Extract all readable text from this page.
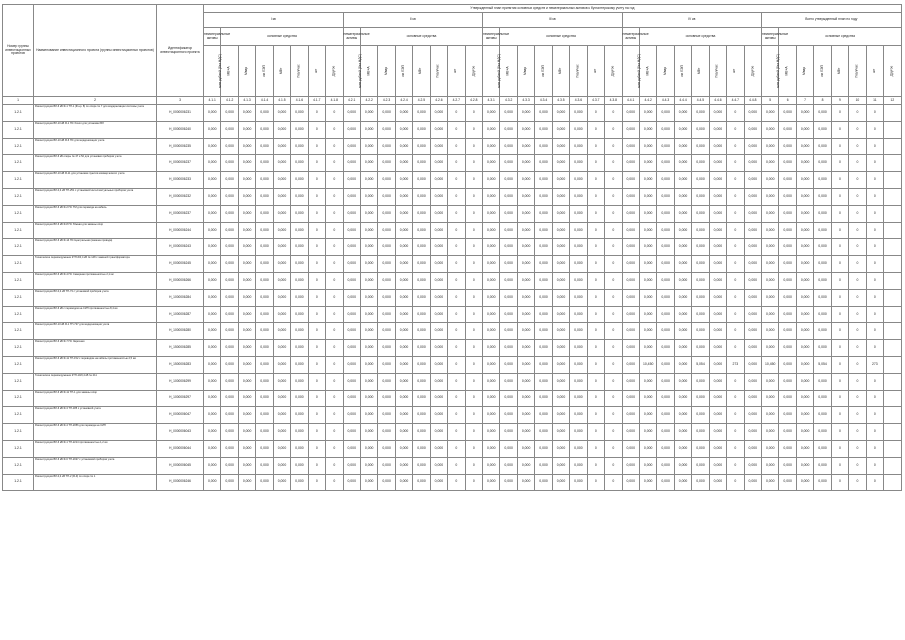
Номер группы инвестиционных проектов	Наименование инвестиционного проекта (группы инвестиционных проектов)	Идентификатор инвестиционного проекта	Утвержденный план принятия основных средств и нематериальных активов к бухгалтерскому учету на год																																							
			I кв								II кв								III кв								IV кв								Всего утвержденный план по году							
			нематериальные активы	основные средства							нематериальные активы	основные средства							нематериальные активы	основные средства							нематериальные активы	основные средства							нематериальные активы	основные средства						
			млн рублей (без НДС)	МВ×А	Мвар	км ЛЭП	МВт	Гкал/час	шт	Другое	млн рублей (без НДС)	МВ×А	Мвар	км ЛЭП	МВт	Гкал/час	шт	Другое	млн рублей (без НДС)	МВ×А	Мвар	км ЛЭП	МВт	Гкал/час	шт	Другое	млн рублей (без НДС)	МВ×А	Мвар	км ЛЭП	МВт	Гкал/час	шт	Другое	млн рублей (без НДС)	МВ×А	Мвар	км ЛЭП	МВт	Гкал/час	шт	Другое
1	2	3	4.1.1	4.1.2	4.1.3	4.1.4	4.1.5	4.1.6	4.1.7	4.1.8	4.2.1	4.2.2	4.2.3	4.2.4	4.2.5	4.2.6	4.2.7	4.2.8	4.3.1	4.3.2	4.3.3	4.3.4	4.3.5	4.3.6	4.3.7	4.3.8	4.4.1	4.4.2	4.4.3	4.4.4	4.4.5	4.4.6	4.4.7	4.4.8	5	6	7	8	9	10	11	12
1.2.1	Реконструкция ВЛ-6 кВ Ф-1 ТП-1 (Ф.нр. 8) по опоре № 7 для модернизации системы учета	Н_0000006231	0,000	0,000	0,000	0,000	0,000	0,000	0	0	0,000	0,000	0,000	0,000	0,000	0,000	0	0	0,000	0,000	0,000	0,000	0,000	0,000	0	0	0,000	0,000	0,000	0,000	0,000	0,000	0	0,000	0,000	0,000	0,000	0,000	0	0	0	
1.2.1	Реконструкция ВЛ-10 кВ Ф-1 ПС Хохол для установки ВЛ	Н_0000006240	0,000	0,000	0,000	0,000	0,000	0,000	0	0	0,000	0,000	0,000	0,000	0,000	0,000	0	0	0,000	0,000	0,000	0,000	0,000	0,000	0	0	0,000	0,000	0,000	0,000	0,000	0,000	0	0,000	0,000	0,000	0,000	0,000	0	0	0	
1.2.1	Реконструкция ВЛ-10 кВ Ф-6 ПС для модернизации учета	Н_0000006235	0,000	0,000	0,000	0,000	0,000	0,000	0	0	0,000	0,000	0,000	0,000	0,000	0,000	0	0	0,000	0,000	0,000	0,000	0,000	0,000	0	0	0,000	0,000	0,000	0,000	0,000	0,000	0	0,000	0,000	0,000	0,000	0,000	0	0	0	
1.2.1	Реконструкция ВЛ-6 кВ опоры № 47 и 52 для установки приборов учета	Н_0000006237	0,000	0,000	0,000	0,000	0,000	0,000	0	0	0,000	0,000	0,000	0,000	0,000	0,000	0	0	0,000	0,000	0,000	0,000	0,000	0,000	0	0	0,000	0,000	0,000	0,000	0,000	0,000	0	0,000	0,000	0,000	0,000	0,000	0	0	0	
1.2.1	Реконструкция ВЛ-10 кВ Ф-11 для установки пунктов коммерческого учета	Н_0000006233	0,000	0,000	0,000	0,000	0,000	0,000	0	0	0,000	0,000	0,000	0,000	0,000	0,000	0	0	0,000	0,000	0,000	0,000	0,000	0,000	0	0	0,000	0,000	0,000	0,000	0,000	0,000	0	0,000	0,000	0,000	0,000	0,000	0	0	0	
1.2.1	Реконструкция ВЛ-0,4 кВ ТП-251 с установкой интеллектуальных приборов учета	Н_0000006232	0,000	0,000	0,000	0,000	0,000	0,000	0	0	0,000	0,000	0,000	0,000	0,000	0,000	0	0	0,000	0,000	0,000	0,000	0,000	0,000	0	0	0,000	0,000	0,000	0,000	0,000	0,000	0	0,000	0,000	0,000	0,000	0,000	0	0	0	
1.2.1	Реконструкция ВЛ-6 кВ Ф-2 ПС ТМ для перевода на кабель	Н_0000006237	0,000	0,000	0,000	0,000	0,000	0,000	0	0	0,000	0,000	0,000	0,000	0,000	0,000	0	0	0,000	0,000	0,000	0,000	0,000	0,000	0	0	0,000	0,000	0,000	0,000	0,000	0,000	0	0,000	0,000	0,000	0,000	0,000	0	0	0	
1.2.1	Реконструкция ВЛ-6 кВ Ф-8 ПС Южная для замены опор	Н_0000006244	0,000	0,000	0,000	0,000	0,000	0,000	0	0	0,000	0,000	0,000	0,000	0,000	0,000	0	0	0,000	0,000	0,000	0,000	0,000	0,000	0	0	0,000	0,000	0,000	0,000	0,000	0,000	0	0,000	0,000	0,000	0,000	0,000	0	0	0	
1.2.1	Реконструкция ВЛ-6 кВ Ф-14 ПС Центральная (замена провода)	Н_0000006243	0,000	0,000	0,000	0,000	0,000	0,000	0	0	0,000	0,000	0,000	0,000	0,000	0,000	0	0	0,000	0,000	0,000	0,000	0,000	0,000	0	0	0,000	0,000	0,000	0,000	0,000	0,000	0	0,000	0,000	0,000	0,000	0,000	0	0	0	
1.2.1	Техническое перевооружение КТП-6/0,4 кВ № 148 с заменой трансформатора	Н_0000006245	0,000	0,000	0,000	0,000	0,000	0,000	0	0	0,000	0,000	0,000	0,000	0,000	0,000	0	0	0,000	0,000	0,000	0,000	0,000	0,000	0	0	0,000	0,000	0,000	0,000	0,000	0,000	0	0,000	0,000	0,000	0,000	0,000	0	0	0	
1.2.1	Реконструкция ВЛ-6 кВ Ф-4 ПС Северная протяженностью 2,1 км	Н_0000006266	0,000	0,000	0,000	0,000	0,000	0,000	0	0	0,000	0,000	0,000	0,000	0,000	0,000	0	0	0,000	0,000	0,000	0,000	0,000	0,000	0	0	0,000	0,000	0,000	0,000	0,000	0,000	0	0,000	0,000	0,000	0,000	0,000	0	0	0	
1.2.1	Реконструкция ВЛ-0,4 кВ ТП-73 с установкой приборов учета	Н_1000006284	0,000	0,000	0,000	0,000	0,000	0,000	0	0	0,000	0,000	0,000	0,000	0,000	0,000	0	0	0,000	0,000	0,000	0,000	0,000	0,000	0	0	0,000	0,000	0,000	0,000	0,000	0,000	0	0,000	0,000	0,000	0,000	0,000	0	0	0	
1.2.1	Реконструкция ВЛ-6 кВ с переводом на СИП протяженностью 8,4 км	Н_1000006287	0,000	0,000	0,000	0,000	0,000	0,000	0	0	0,000	0,000	0,000	0,000	0,000	0,000	0	0	0,000	0,000	0,000	0,000	0,000	0,000	0	0	0,000	0,000	0,000	0,000	0,000	0,000	0	0,000	0,000	0,000	0,000	0,000	0	0	0	
1.2.1	Реконструкция ВЛ-10 кВ Ф-1 ТП-727 для модернизации учета	Н_1000006280	0,000	0,000	0,000	0,000	0,000	0,000	0	0	0,000	0,000	0,000	0,000	0,000	0,000	0	0	0,000	0,000	0,000	0,000	0,000	0,000	0	0	0,000	0,000	0,000	0,000	0,000	0,000	0	0,000	0,000	0,000	0,000	0,000	0	0	0	
1.2.1	Реконструкция ВЛ-6 кВ Ф-7 ПС Заречная	Н_1500006285	0,000	0,000	0,000	0,000	0,000	0,000	0	0	0,000	0,000	0,000	0,000	0,000	0,000	0	0	0,000	0,000	0,000	0,000	0,000	0,000	0	0	0,000	0,000	0,000	0,000	0,000	0,000	0	0,000	0,000	0,000	0,000	0,000	0	0	0	
1.2.1	Реконструкция ВЛ-6 кВ Ф-11 ТП-152 с переводом на кабель протяженностью 2,5 км	Н_1500006283	0,000	0,000	0,000	0,000	0,000	0,000	0	0	0,000	0,000	0,000	0,000	0,000	0,000	0	0	0,000	0,000	0,000	0,000	0,000	0,000	0	0	0,000	10,450	0,000	0,000	5,054	0,000	273	0,000	10,450	0,000	0,000	5,054	0	0	273	
1.2.1	Техническое перевооружение КТП-10/0,4 кВ № 211	Н_1000006299	0,000	0,000	0,000	0,000	0,000	0,000	0	0	0,000	0,000	0,000	0,000	0,000	0,000	0	0	0,000	0,000	0,000	0,000	0,000	0,000	0	0	0,000	0,000	0,000	0,000	0,000	0,000	0	0,000	0,000	0,000	0,000	0,000	0	0	0	
1.2.1	Реконструкция ВЛ-6 кВ Ф-11 ТП-1 для замены опор	Н_1000006297	0,000	0,000	0,000	0,000	0,000	0,000	0	0	0,000	0,000	0,000	0,000	0,000	0,000	0	0	0,000	0,000	0,000	0,000	0,000	0,000	0	0	0,000	0,000	0,000	0,000	0,000	0,000	0	0,000	0,000	0,000	0,000	0,000	0	0	0	
1.2.1	Реконструкция ВЛ-6 кВ Ф-3 ТП-185 с установкой учета	Н_0000006047	0,000	0,000	0,000	0,000	0,000	0,000	0	0	0,000	0,000	0,000	0,000	0,000	0,000	0	0	0,000	0,000	0,000	0,000	0,000	0,000	0	0	0,000	0,000	0,000	0,000	0,000	0,000	0	0,000	0,000	0,000	0,000	0,000	0	0	0	
1.2.1	Реконструкция ВЛ-6 кВ Ф-4 ТП-2056 для перевода на СИП	Н_0000006043	0,000	0,000	0,000	0,000	0,000	0,000	0	0	0,000	0,000	0,000	0,000	0,000	0,000	0	0	0,000	0,000	0,000	0,000	0,000	0,000	0	0	0,000	0,000	0,000	0,000	0,000	0,000	0	0,000	0,000	0,000	0,000	0,000	0	0	0	
1.2.1	Реконструкция ВЛ-6 кВ Ф-1 ТП-2214 протяженностью 1,2 км	Н_0000006044	0,000	0,000	0,000	0,000	0,000	0,000	0	0	0,000	0,000	0,000	0,000	0,000	0,000	0	0	0,000	0,000	0,000	0,000	0,000	0,000	0	0	0,000	0,000	0,000	0,000	0,000	0,000	0	0,000	0,000	0,000	0,000	0,000	0	0	0	
1.2.1	Реконструкция ВЛ-6 кВ Ф-6 ТП-2027 с установкой приборов учета	Н_0000006045	0,000	0,000	0,000	0,000	0,000	0,000	0	0	0,000	0,000	0,000	0,000	0,000	0,000	0	0	0,000	0,000	0,000	0,000	0,000	0,000	0	0	0,000	0,000	0,000	0,000	0,000	0,000	0	0,000	0,000	0,000	0,000	0,000	0	0	0	
1.2.1	Реконструкция ВЛ-0,4 кВ ТП-2 (Ф-9) по опоре № 1	Н_0000006246	0,000	0,000	0,000	0,000	0,000	0,000	0	0	0,000	0,000	0,000	0,000	0,000	0,000	0	0	0,000	0,000	0,000	0,000	0,000	0,000	0	0	0,000	0,000	0,000	0,000	0,000	0,000	0	0,000	0,000	0,000	0,000	0,000	0	0	0	
